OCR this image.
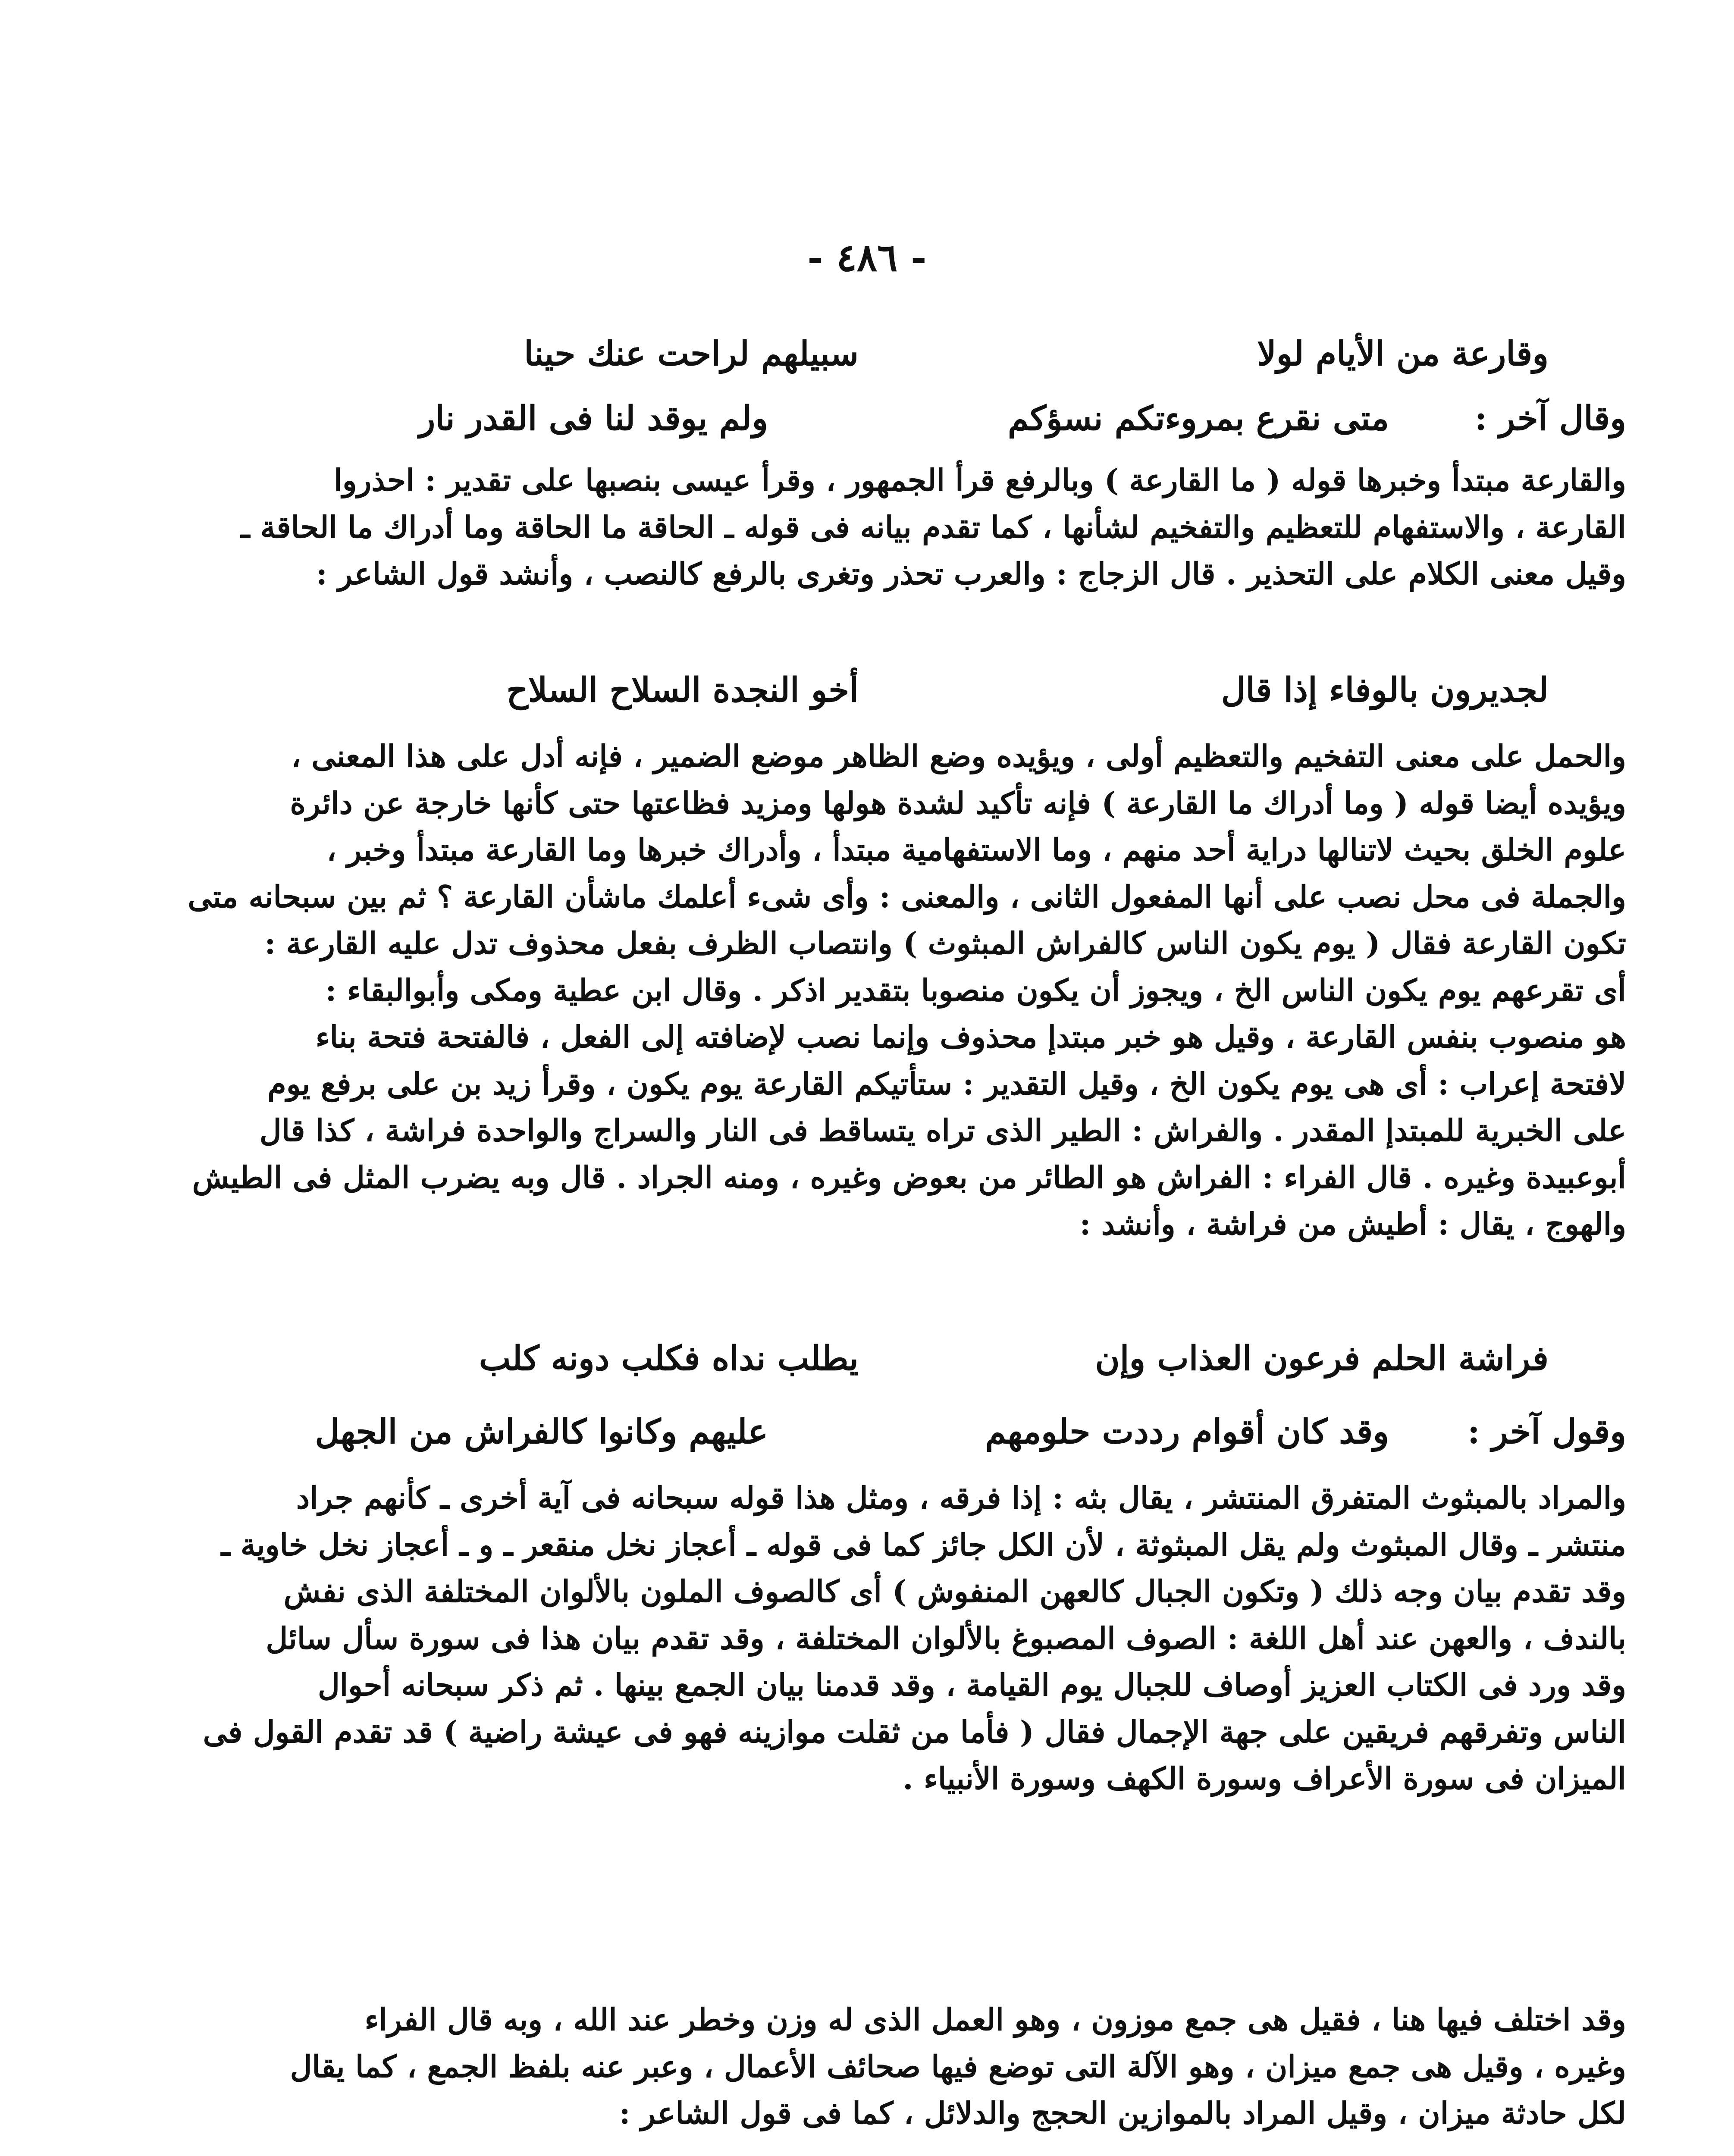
- ٤٨٦ -
وقارعة من الأيام لولا
سبيلهم لراحت عنك حينا
وقال آخر :
متى نقرع بمروءتكم نسؤكم
ولم يوقد لنا فى القدر نار
والقارعة مبتدأ وخبرها قوله ( ما القارعة ) وبالرفع قرأ الجمهور ، وقرأ عيسى بنصبها على تقدير : احذروا
القارعة ، والاستفهام للتعظيم والتفخيم لشأنها ، كما تقدم بيانه فى قوله ـ الحاقة ما الحاقة وما أدراك ما الحاقة ـ
وقيل معنى الكلام على التحذير . قال الزجاج : والعرب تحذر وتغرى بالرفع كالنصب ، وأنشد قول الشاعر :
لجديرون بالوفاء إذا قال
أخو النجدة السلاح السلاح
والحمل على معنى التفخيم والتعظيم أولى ، ويؤيده وضع الظاهر موضع الضمير ، فإنه أدل على هذا المعنى ،
ويؤيده أيضا قوله ( وما أدراك ما القارعة ) فإنه تأكيد لشدة هولها ومزيد فظاعتها حتى كأنها خارجة عن دائرة
علوم الخلق بحيث لاتنالها دراية أحد منهم ، وما الاستفهامية مبتدأ ، وأدراك خبرها وما القارعة مبتدأ وخبر ،
والجملة فى محل نصب على أنها المفعول الثانى ، والمعنى : وأى شىء أعلمك ماشأن القارعة ؟ ثم بين سبحانه متى
تكون القارعة فقال ( يوم يكون الناس كالفراش المبثوث ) وانتصاب الظرف بفعل محذوف تدل عليه القارعة :
أى تقرعهم يوم يكون الناس الخ ، ويجوز أن يكون منصوبا بتقدير اذكر . وقال ابن عطية ومكى وأبوالبقاء :
هو منصوب بنفس القارعة ، وقيل هو خبر مبتدإ محذوف وإنما نصب لإضافته إلى الفعل ، فالفتحة فتحة بناء
لافتحة إعراب : أى هى يوم يكون الخ ، وقيل التقدير : ستأتيكم القارعة يوم يكون ، وقرأ زيد بن على برفع يوم
على الخبرية للمبتدإ المقدر . والفراش : الطير الذى تراه يتساقط فى النار والسراج والواحدة فراشة ، كذا قال
أبوعبيدة وغيره . قال الفراء : الفراش هو الطائر من بعوض وغيره ، ومنه الجراد . قال وبه يضرب المثل فى الطيش
والهوج ، يقال : أطيش من فراشة ، وأنشد :
فراشة الحلم فرعون العذاب وإن
يطلب نداه فكلب دونه كلب
وقول آخر :
وقد كان أقوام رددت حلومهم
عليهم وكانوا كالفراش من الجهل
والمراد بالمبثوث المتفرق المنتشر ، يقال بثه : إذا فرقه ، ومثل هذا قوله سبحانه فى آية أخرى ـ كأنهم جراد
منتشر ـ وقال المبثوث ولم يقل المبثوثة ، لأن الكل جائز كما فى قوله ـ أعجاز نخل منقعر ـ و ـ أعجاز نخل خاوية ـ
وقد تقدم بيان وجه ذلك ( وتكون الجبال كالعهن المنفوش ) أى كالصوف الملون بالألوان المختلفة الذى نفش
بالندف ، والعهن عند أهل اللغة : الصوف المصبوغ بالألوان المختلفة ، وقد تقدم بيان هذا فى سورة سأل سائل
وقد ورد فى الكتاب العزيز أوصاف للجبال يوم القيامة ، وقد قدمنا بيان الجمع بينها . ثم ذكر سبحانه أحوال
الناس وتفرقهم فريقين على جهة الإجمال فقال ( فأما من ثقلت موازينه فهو فى عيشة راضية ) قد تقدم القول فى
الميزان فى سورة الأعراف وسورة الكهف وسورة الأنبياء .
وقد اختلف فيها هنا ، فقيل هى جمع موزون ، وهو العمل الذى له وزن وخطر عند الله ، وبه قال الفراء
وغيره ، وقيل هى جمع ميزان ، وهو الآلة التى توضع فيها صحائف الأعمال ، وعبر عنه بلفظ الجمع ، كما يقال
لكل حادثة ميزان ، وقيل المراد بالموازين الحجج والدلائل ، كما فى قول الشاعر :
